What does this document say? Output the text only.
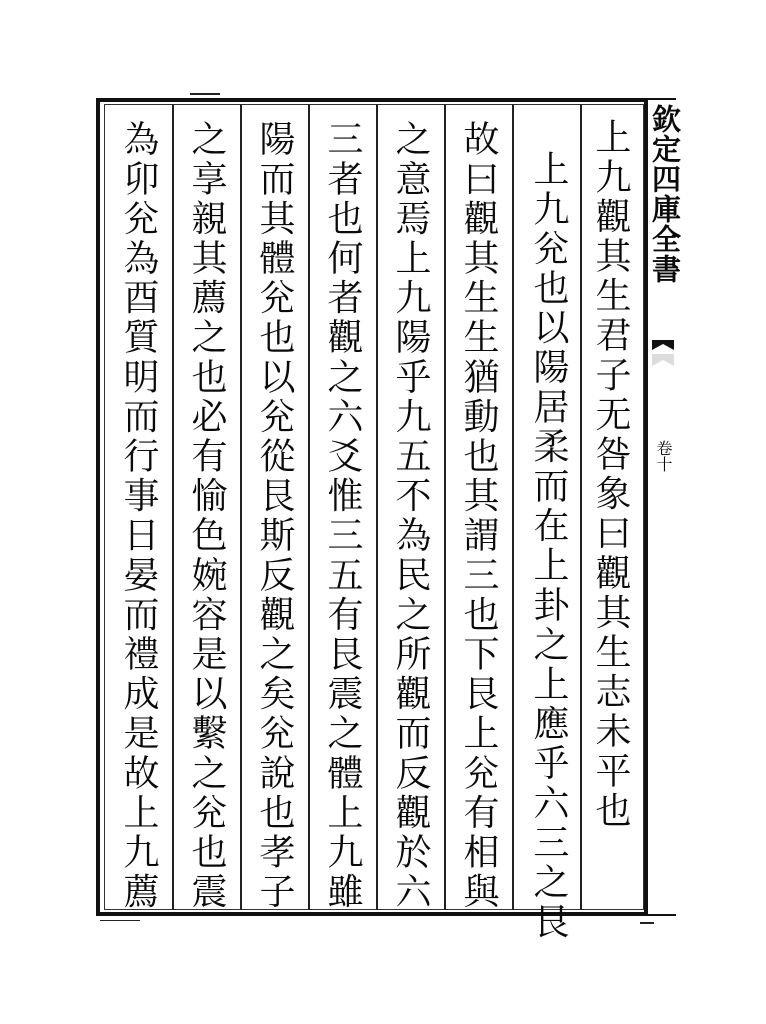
上九觀其生君子无咎象曰觀其生志未平也
上九兊也以陽居柔而在上卦之上應乎六三之艮
故曰觀其生生猶動也其謂三也下艮上兊有相與
之意焉上九陽乎九五不為民之所觀而反觀於六
三者也何者觀之六爻惟三五有艮震之體上九雖
陽而其體兊也以兊從艮斯反觀之矣兊說也孝子
之享親其薦之也必有愉色婉容是以繫之兊也震
為卯兊為酉質明而行事日晏而禮成是故上九薦	欽定四庫全書
卷十
